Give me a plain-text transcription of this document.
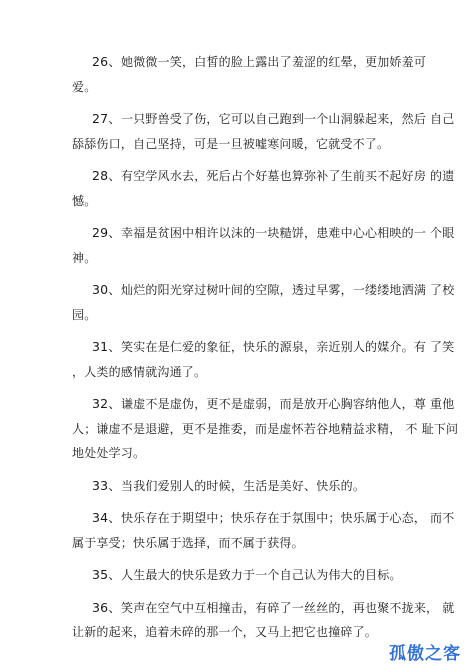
26、她微微一笑，白皙的脸上露出了羞涩的红晕，更加娇羞可
爱。
27、一只野兽受了伤，它可以自己跑到一个山洞躲起来，然后 自己
舔舔伤口，自己坚持，可是一旦被嘘寒问暖，它就受不了。
28、有空学风水去，死后占个好墓也算弥补了生前买不起好房 的遗
憾。
29、幸福是贫困中相许以沫的一块糙饼，患难中心心相映的一 个眼
神。
30、灿烂的阳光穿过树叶间的空隙，透过早雾，一缕缕地洒满 了校
园。
31、笑实在是仁爱的象征，快乐的源泉，亲近别人的媒介。有 了笑
，人类的感情就沟通了。
32、谦虚不是虚伪，更不是虚弱，而是放开心胸容纳他人，尊 重他
人；谦虚不是退避，更不是推委，而是虚怀若谷地精益求精， 不 耻下问
地处处学习。
33、当我们爱别人的时候，生活是美好、快乐的。
34、快乐存在于期望中；快乐存在于氛围中；快乐属于心态， 而不
属于享受；快乐属于选择，而不属于获得。
35、人生最大的快乐是致力于一个自己认为伟大的目标。
36、笑声在空气中互相撞击，有碎了一丝丝的，再也聚不拢来， 就
让新的起来，追着未碎的那一个，又马上把它也撞碎了。
孤傲之客
